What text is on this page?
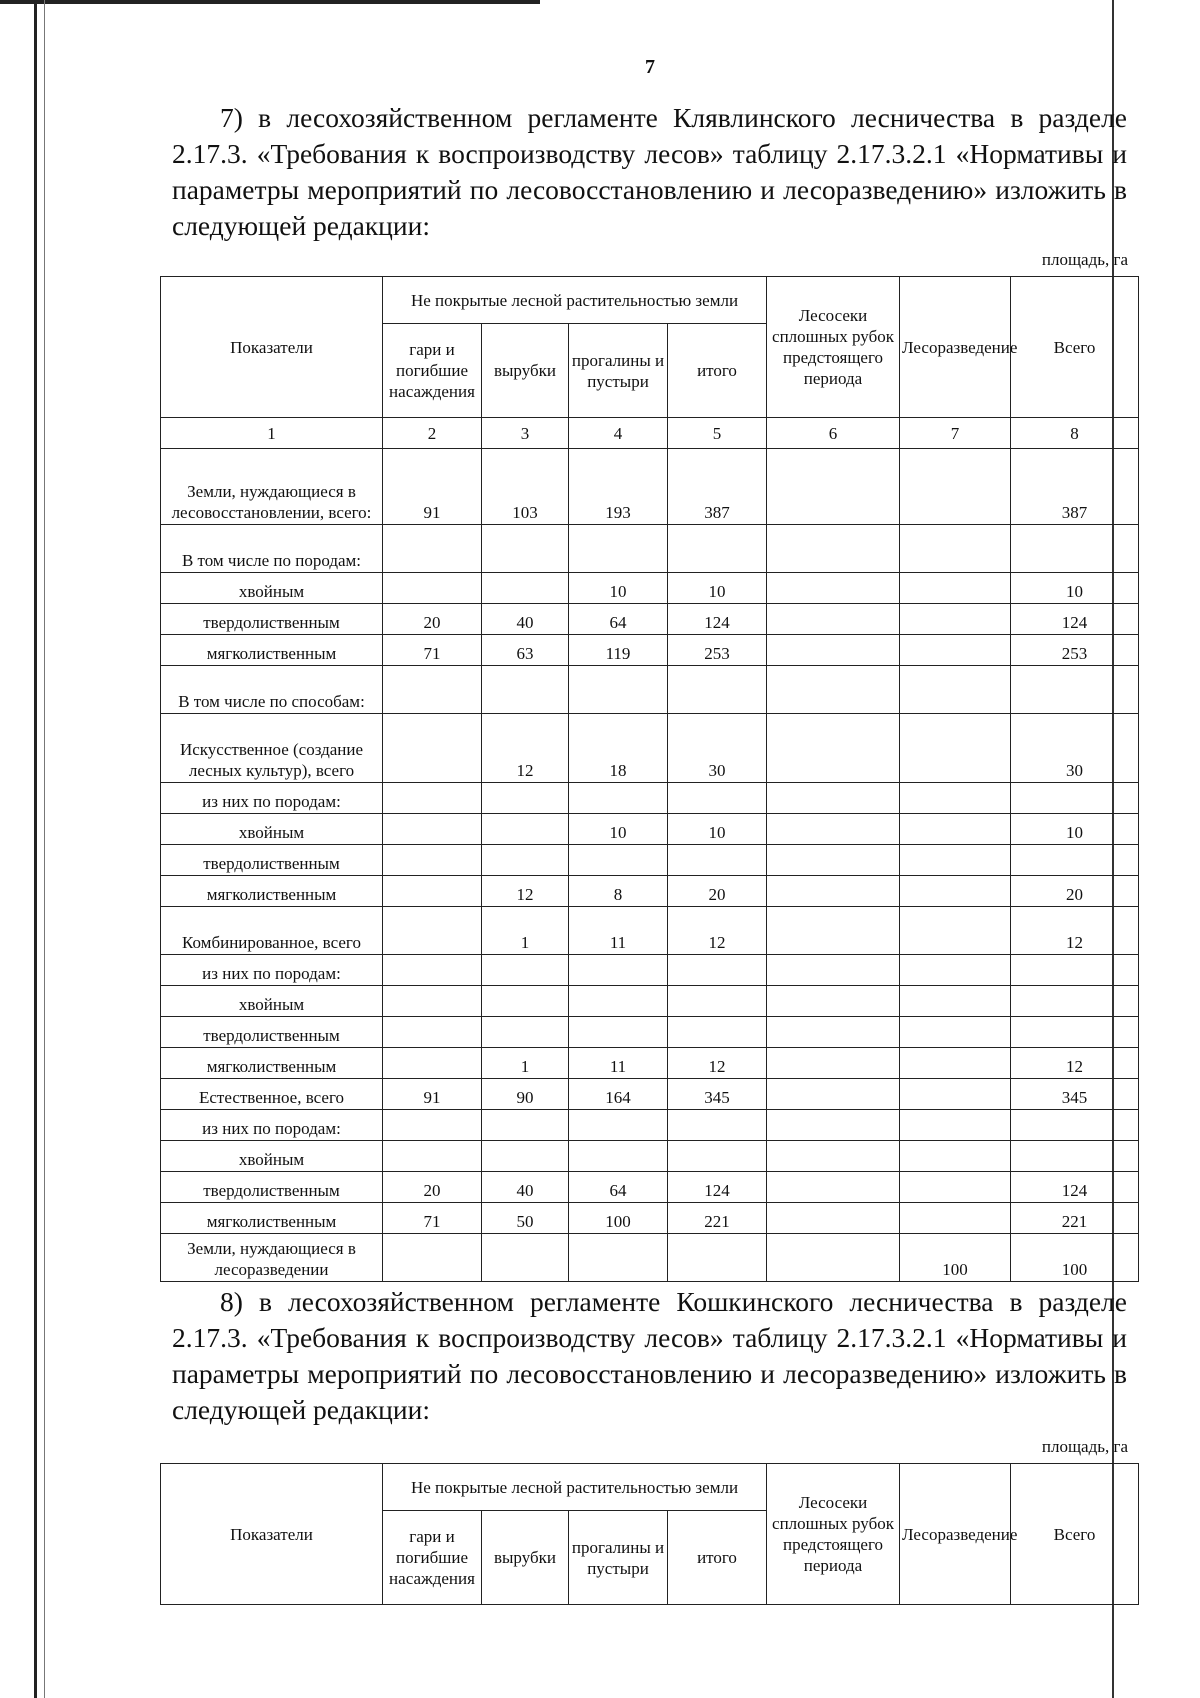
7
7) в лесохозяйственном регламенте Клявлинского лесничества в разделе 2.17.3. «Требования к воспроизводству лесов» таблицу 2.17.3.2.1 «Нормативы и параметры мероприятий по лесовосстановлению и лесоразведению» изложить в следующей редакции:
площадь, га
Показатели	Не покрытые лесной растительностью земли				Лесосеки сплошных рубок предстоящего периода	Лесоразведение	Всего
	гари и погибшие насаждения	вырубки	прогалины и пустыри	итого			
1	2	3	4	5	6	7	8
Земли, нуждающиеся в лесовосстановлении, всего:	91	103	193	387			387
В том числе по породам:							
хвойным			10	10			10
твердолиственным	20	40	64	124			124
мягколиственным	71	63	119	253			253
В том числе по способам:							
Искусственное (создание лесных культур), всего		12	18	30			30
из них по породам:							
хвойным			10	10			10
твердолиственным							
мягколиственным		12	8	20			20
Комбинированное, всего		1	11	12			12
из них по породам:							
хвойным							
твердолиственным							
мягколиственным		1	11	12			12
Естественное, всего	91	90	164	345			345
из них по породам:							
хвойным							
твердолиственным	20	40	64	124			124
мягколиственным	71	50	100	221			221
Земли, нуждающиеся в лесоразведении						100	100
8) в лесохозяйственном регламенте Кошкинского лесничества в разделе 2.17.3. «Требования к воспроизводству лесов» таблицу 2.17.3.2.1 «Нормативы и параметры мероприятий по лесовосстановлению и лесоразведению» изложить в следующей редакции:
площадь, га
Показатели	Не покрытые лесной растительностью земли				Лесосеки сплошных рубок предстоящего периода	Лесоразведение	Всего
	гари и погибшие насаждения	вырубки	прогалины и пустыри	итого			
